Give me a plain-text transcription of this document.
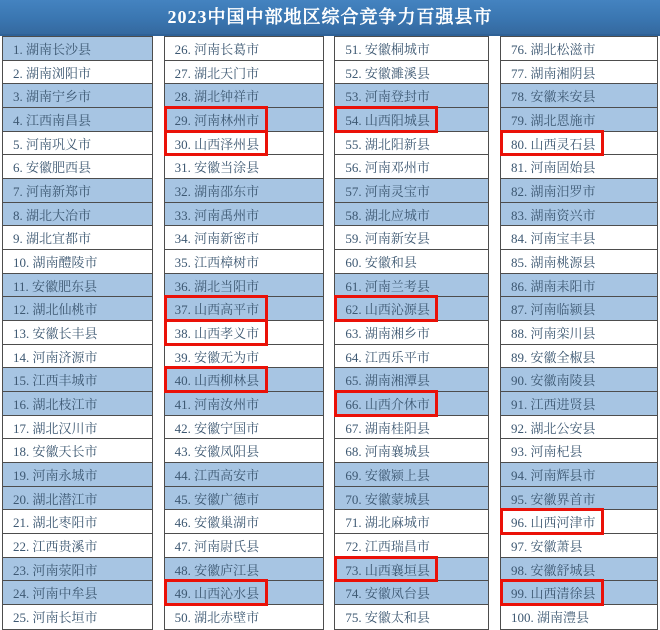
2023中国中部地区综合竞争力百强县市
1. 湖南长沙县
2. 湖南浏阳市
3. 湖南宁乡市
4. 江西南昌县
5. 河南巩义市
6. 安徽肥西县
7. 河南新郑市
8. 湖北大冶市
9. 湖北宜都市
10. 湖南醴陵市
11. 安徽肥东县
12. 湖北仙桃市
13. 安徽长丰县
14. 河南济源市
15. 江西丰城市
16. 湖北枝江市
17. 湖北汉川市
18. 安徽天长市
19. 河南永城市
20. 湖北潜江市
21. 湖北枣阳市
22. 江西贵溪市
23. 河南荥阳市
24. 河南中牟县
25. 河南长垣市
26. 河南长葛市
27. 湖北天门市
28. 湖北钟祥市
29. 河南林州市
30. 山西泽州县
31. 安徽当涂县
32. 湖南邵东市
33. 河南禹州市
34. 河南新密市
35. 江西樟树市
36. 湖北当阳市
37. 山西高平市
38. 山西孝义市
39. 安徽无为市
40. 山西柳林县
41. 河南汝州市
42. 安徽宁国市
43. 安徽凤阳县
44. 江西高安市
45. 安徽广德市
46. 安徽巢湖市
47. 河南尉氏县
48. 安徽庐江县
49. 山西沁水县
50. 湖北赤壁市
51. 安徽桐城市
52. 安徽濉溪县
53. 河南登封市
54. 山西阳城县
55. 湖北阳新县
56. 河南邓州市
57. 河南灵宝市
58. 湖北应城市
59. 河南新安县
60. 安徽和县
61. 河南兰考县
62. 山西沁源县
63. 湖南湘乡市
64. 江西乐平市
65. 湖南湘潭县
66. 山西介休市
67. 湖南桂阳县
68. 河南襄城县
69. 安徽颍上县
70. 安徽蒙城县
71. 湖北麻城市
72. 江西瑞昌市
73. 山西襄垣县
74. 安徽凤台县
75. 安徽太和县
76. 湖北松滋市
77. 湖南湘阴县
78. 安徽来安县
79. 湖北恩施市
80. 山西灵石县
81. 河南固始县
82. 湖南汨罗市
83. 湖南资兴市
84. 河南宝丰县
85. 湖南桃源县
86. 湖南耒阳市
87. 河南临颍县
88. 河南栾川县
89. 安徽全椒县
90. 安徽南陵县
91. 江西进贤县
92. 湖北公安县
93. 河南杞县
94. 河南辉县市
95. 安徽界首市
96. 山西河津市
97. 安徽萧县
98. 安徽舒城县
99. 山西清徐县
100. 湖南澧县
